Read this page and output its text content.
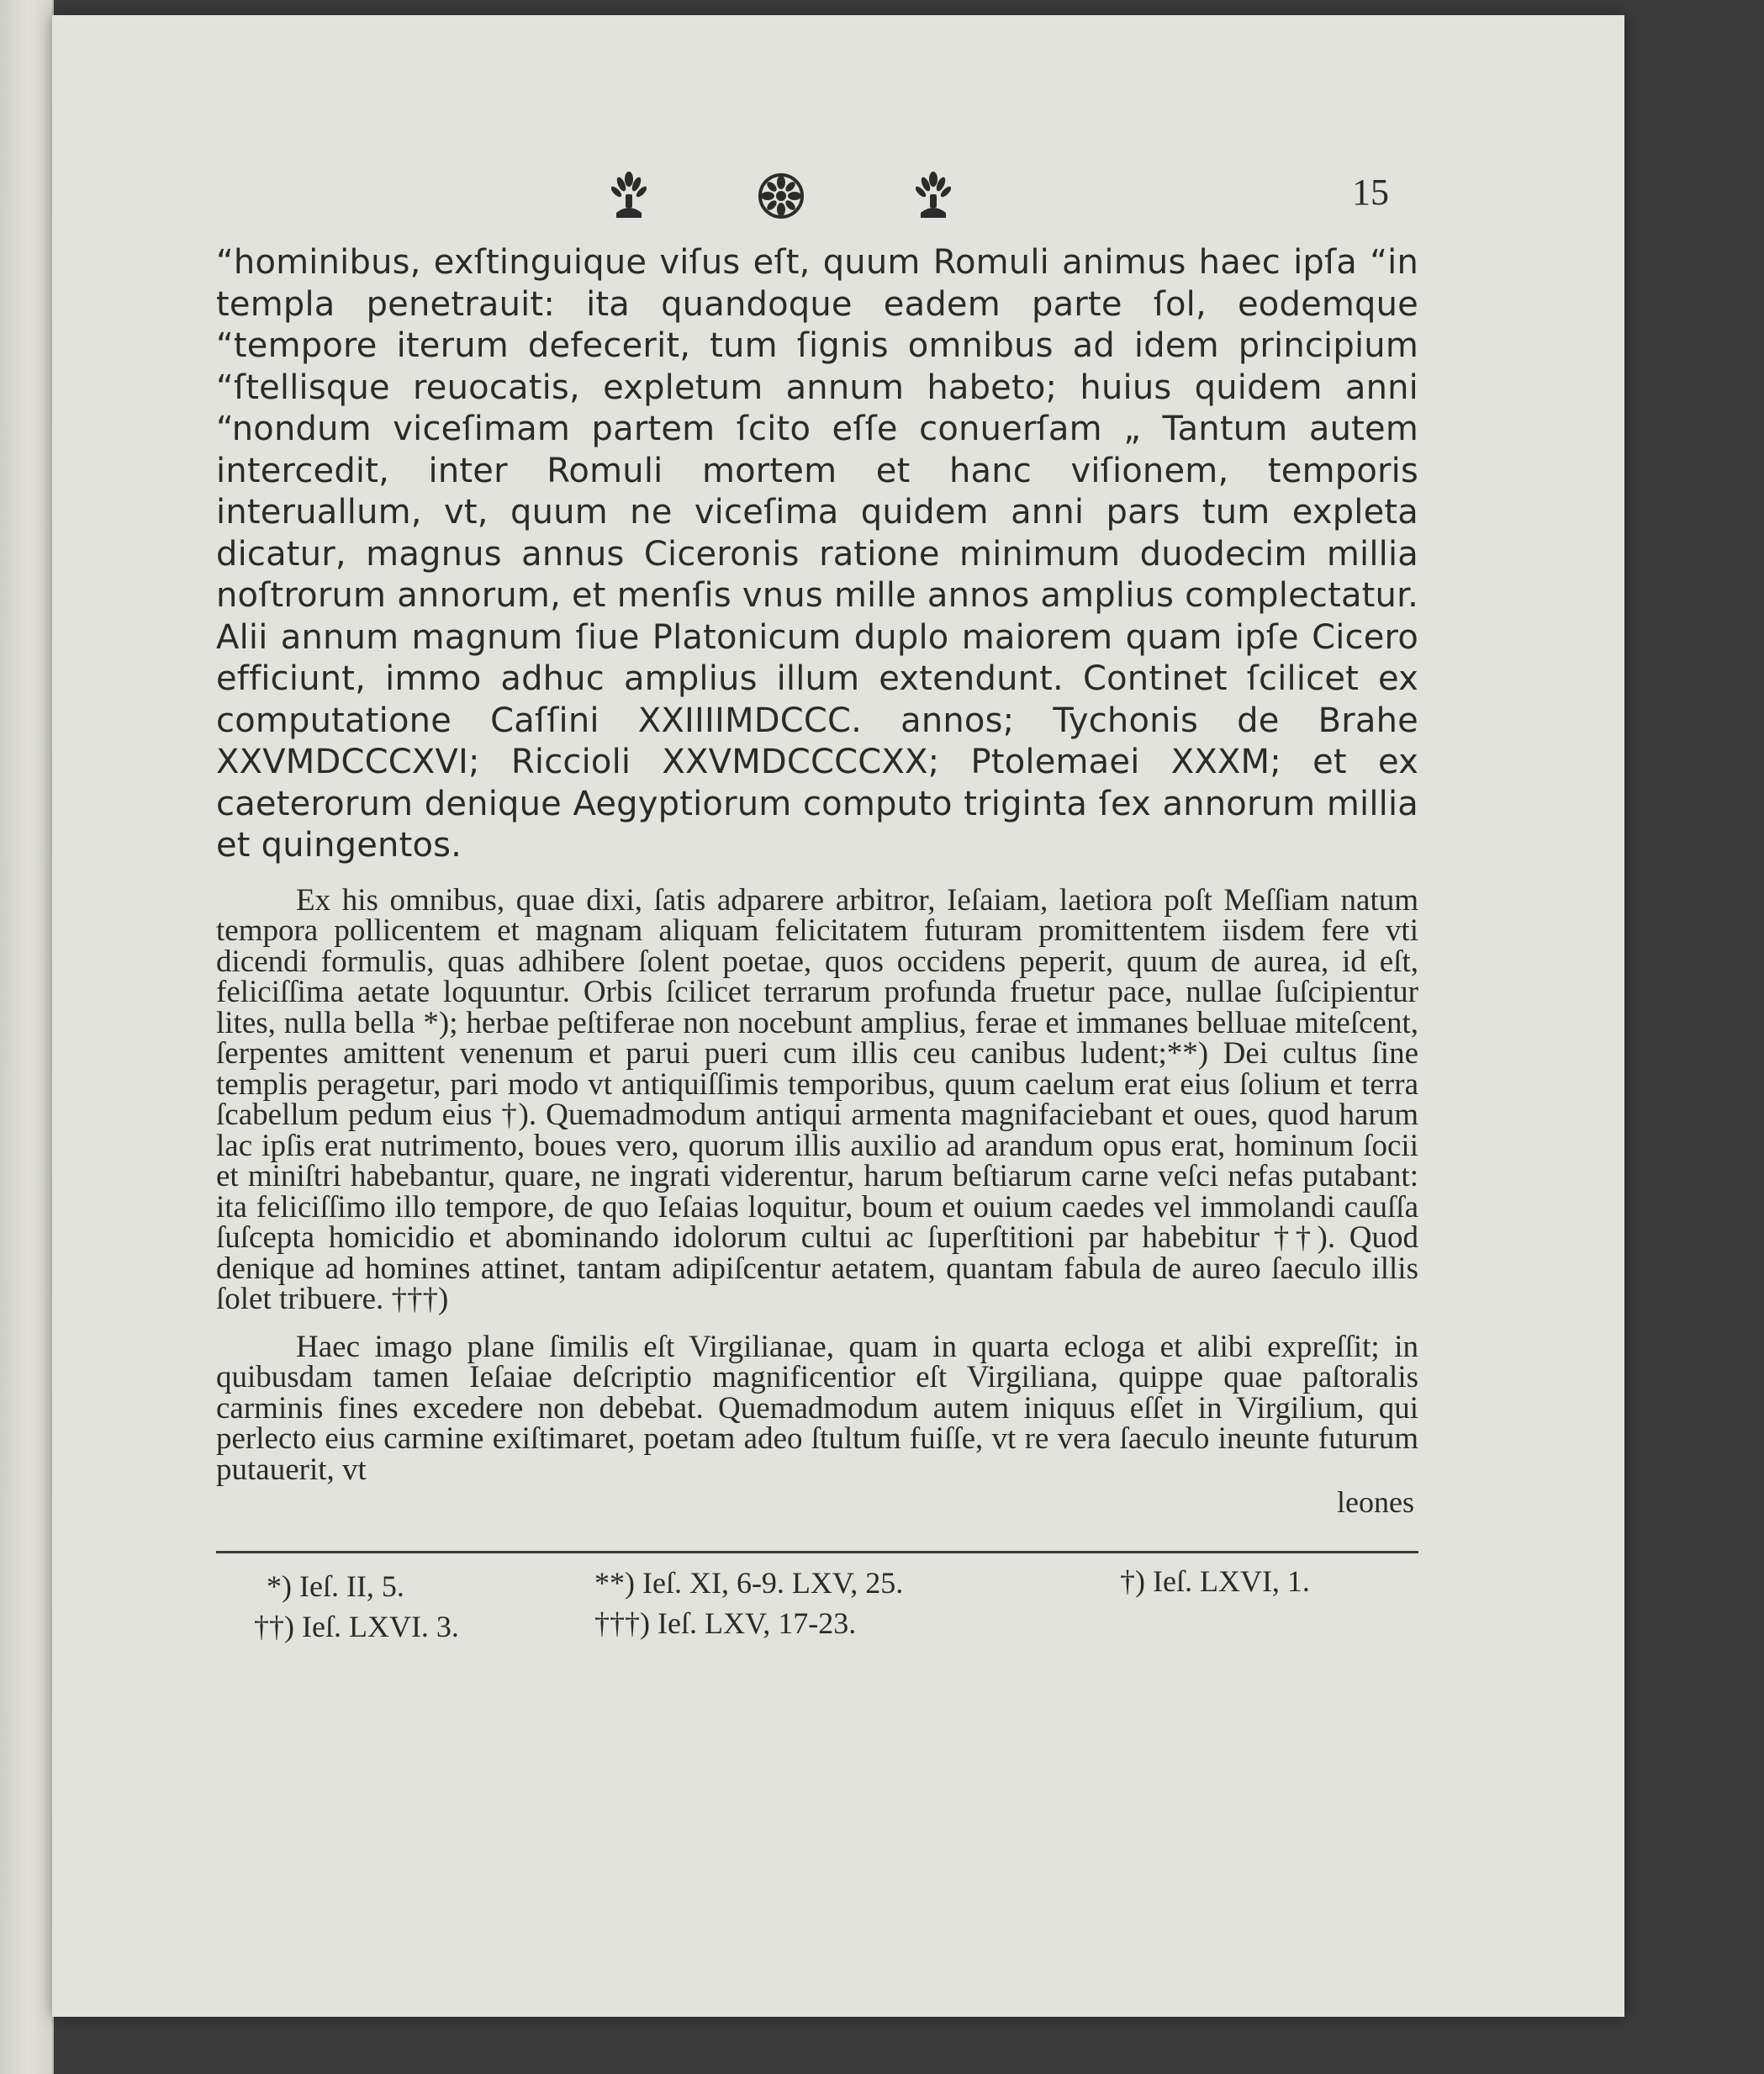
15

“hominibus, exſtinguique viſus eſt, quum Romuli animus haec ipſa “in templa penetrauit: ita quandoque eadem parte ſol, eodemque “tempore iterum defecerit, tum ſignis omnibus ad idem principium “ſtellisque reuocatis, expletum annum habeto; huius quidem anni “nondum viceſimam partem ſcito eſſe conuerſam „ Tantum autem intercedit, inter Romuli mortem et hanc viſionem, temporis interuallum, vt, quum ne viceſima quidem anni pars tum expleta dicatur, magnus annus Ciceronis ratione minimum duodecim millia noſtrorum annorum, et menſis vnus mille annos amplius complectatur. Alii annum magnum ſiue Platonicum duplo maiorem quam ipſe Cicero efficiunt, immo adhuc amplius illum extendunt. Continet ſcilicet ex computatione Caſſini XXIIIIMDCCC. annos; Tychonis de Brahe XXVMDCCCXVI; Riccioli XXVMDCCCCXX; Ptolemaei XXXM; et ex caeterorum denique Aegyptiorum computo triginta ſex annorum millia et quingentos.

Ex his omnibus, quae dixi, ſatis adparere arbitror, Ieſaiam, laetiora poſt Meſſiam natum tempora pollicentem et magnam aliquam felicitatem futuram promittentem iisdem fere vti dicendi formulis, quas adhibere ſolent poetae, quos occidens peperit, quum de aurea, id eſt, feliciſſima aetate loquuntur. Orbis ſcilicet terrarum profunda fruetur pace, nullae ſuſcipientur lites, nulla bella *); herbae peſtiferae non nocebunt amplius, ferae et immanes belluae miteſcent, ſerpentes amittent venenum et parui pueri cum illis ceu canibus ludent;**) Dei cultus ſine templis peragetur, pari modo vt antiquiſſimis temporibus, quum caelum erat eius ſolium et terra ſcabellum pedum eius †). Quemadmodum antiqui armenta magnifaciebant et oues, quod harum lac ipſis erat nutrimento, boues vero, quorum illis auxilio ad arandum opus erat, hominum ſocii et miniſtri habebantur, quare, ne ingrati viderentur, harum beſtiarum carne veſci nefas putabant: ita feliciſſimo illo tempore, de quo Ieſaias loquitur, boum et ouium caedes vel immolandi cauſſa ſuſcepta homicidio et abominando idolorum cultui ac ſuperſtitioni par habebitur ††). Quod denique ad homines attinet, tantam adipiſcentur aetatem, quantam fabula de aureo ſaeculo illis ſolet tribuere. †††)

Haec imago plane ſimilis eſt Virgilianae, quam in quarta ecloga et alibi expreſſit; in quibusdam tamen Ieſaiae deſcriptio magnificentior eſt Virgiliana, quippe quae paſtoralis carminis fines excedere non debebat. Quemadmodum autem iniquus eſſet in Virgilium, qui perlecto eius carmine exiſtimaret, poetam adeo ſtultum fuiſſe, vt re vera ſaeculo ineunte futurum putauerit, vt

leones
*) Ieſ. II, 5.	**) Ieſ. XI, 6-9. LXV, 25.	†) Ieſ. LXVI, 1.
††) Ieſ. LXVI. 3.	†††) Ieſ. LXV, 17-23.
